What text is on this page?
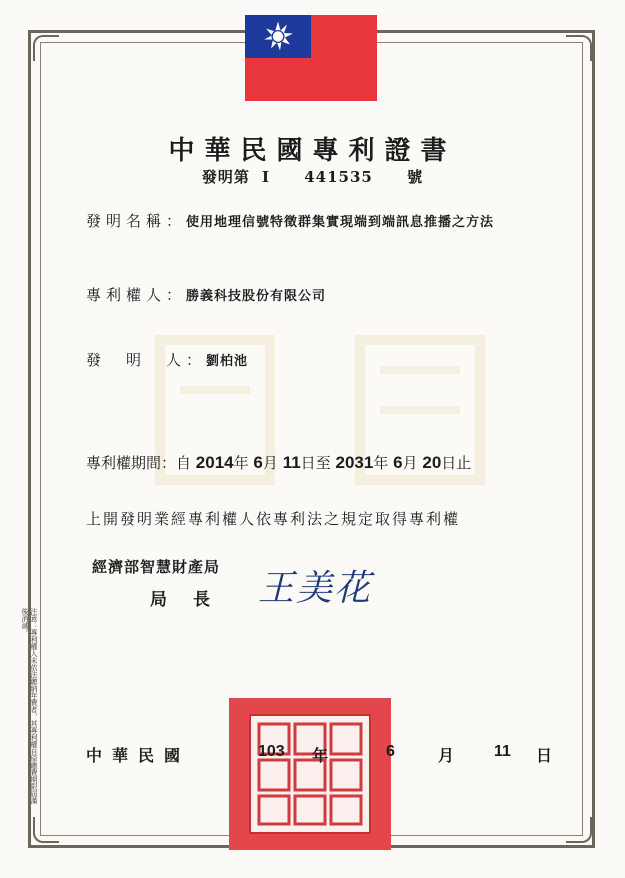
中華民國專利證書
發明第 I 441535 號
發明名稱：使用地理信號特徵群集實現端到端訊息推播之方法
專利權人：勝義科技股份有限公司
發　明　人：劉柏池
專利權期間：自 2014年 6月 11日至 2031年 6月 20日止
上開發明業經專利權人依專利法之規定取得專利權
經濟部智慧財產局
局長 王美花
注意：專利權人未依法繳納年費者，其專利權自原繳費期限屆滿後消滅。
中華民國	103 年	6	月 11 日
